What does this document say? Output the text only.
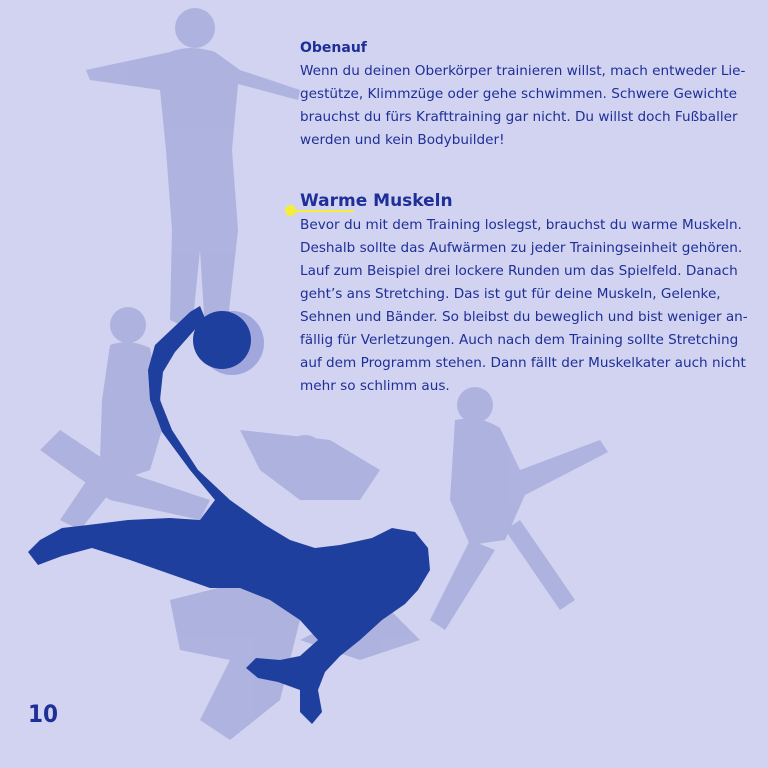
Obenauf

Wenn du deinen Oberkörper trainieren willst, mach entweder Lie-gestütze, Klimmzüge oder gehe schwimmen. Schwere Gewichte brauchst du fürs Krafttraining gar nicht. Du willst doch Fußballer werden und kein Bodybuilder!

Warme Muskeln

Bevor du mit dem Training loslegst, brauchst du warme Muskeln. Deshalb sollte das Aufwärmen zu jeder Trainingseinheit gehören. Lauf zum Beispiel drei lockere Runden um das Spielfeld. Danach geht’s ans Stretching. Das ist gut für deine Muskeln, Gelenke, Sehnen und Bänder. So bleibst du beweglich und bist weniger an-fällig für Verletzungen. Auch nach dem Training sollte Stretching auf dem Programm stehen. Dann fällt der Muskelkater auch nicht mehr so schlimm aus.

10
